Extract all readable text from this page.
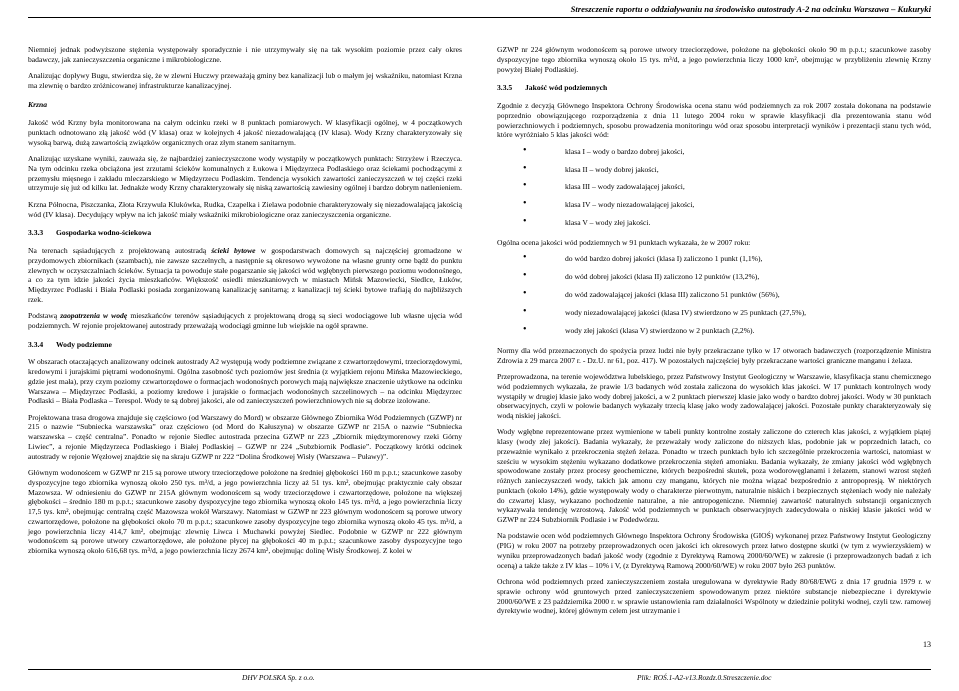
Streszczenie raportu o oddziaływaniu na środowisko autostrady A-2 na odcinku Warszawa – Kukuryki

Niemniej jednak podwyższone stężenia występowały sporadycznie i nie utrzymywały się na tak wysokim poziomie przez cały okres badawczy, jak zanieczyszczenia organiczne i mikrobiologiczne.

Analizując dopływy Bugu, stwierdza się, że w zlewni Huczwy przeważają gminy bez kanalizacji lub o małym jej wskaźniku, natomiast Krzna ma zlewnię o bardzo zróżnicowanej infrastrukturze kanalizacyjnej.

Krzna

Jakość wód Krzny była monitorowana na całym odcinku rzeki w 8 punktach pomiarowych. W klasyfikacji ogólnej, w 4 początkowych punktach odnotowano złą jakość wód (V klasa) oraz w kolejnych 4 jakość niezadowalającą (IV klasa). Wody Krzny charakteryzowały się wysoką barwą, dużą zawartością związków organicznych oraz złym stanem sanitarnym.

Analizując uzyskane wyniki, zauważa się, że najbardziej zanieczyszczone wody wystąpiły w początkowych punktach: Strzyżew i Rzeczyca. Na tym odcinku rzeka obciążona jest zrzutami ścieków komunalnych z Łukowa i Międzyrzeca Podlaskiego oraz ściekami pochodzącymi z przemysłu mięsnego i zakładu mleczarskiego w Międzyrzecu Podlaskim. Tendencja wysokich zawartości zanieczyszczeń w tej części rzeki utrzymuje się już od kilku lat. Jednakże wody Krzny charakteryzowały się niską zawartością zawiesiny ogólnej i bardzo dobrym natlenieniem.

Krzna Północna, Piszczanka, Złota Krzywula Klukówka, Rudka, Czapelka i Zielawa podobnie charakteryzowały się niezadowalającą jakością wód (IV klasa). Decydujący wpływ na ich jakość miały wskaźniki mikrobiologiczne oraz zanieczyszczenia organiczne.

3.3.3 Gospodarka wodno-ściekowa

Na terenach sąsiadujących z projektowaną autostradą ścieki bytowe w gospodarstwach domowych są najczęściej gromadzone w przydomowych zbiornikach (szambach), nie zawsze szczelnych, a następnie są okresowo wywożone na własne grunty orne bądź do punktu zlewnych w oczyszczalniach ścieków. Sytuacja ta powoduje stałe pogarszanie się jakości wód wgłębnych pierwszego poziomu wodonośnego, a co za tym idzie jakości życia mieszkańców. Większość osiedli mieszkaniowych w miastach Mińsk Mazowiecki, Siedlce, Łuków, Międzyrzec Podlaski i Biała Podlaski posiada zorganizowaną kanalizację sanitarną; z kanalizacji tej ścieki bytowe trafiają do najbliższych rzek.

Podstawą zaopatrzenia w wodę mieszkańców terenów sąsiadujących z projektowaną drogą są sieci wodociągowe lub własne ujęcia wód podziemnych. W rejonie projektowanej autostrady przeważają wodociągi gminne lub wiejskie na ogół sprawne.

3.3.4 Wody podziemne

W obszarach otaczających analizowany odcinek autostrady A2 występują wody podziemne związane z czwartorzędowymi, trzeciorzędowymi, kredowymi i jurajskimi piętrami wodonośnymi. Ogólna zasobność tych poziomów jest średnia (z wyjątkiem rejonu Mińska Mazowieckiego, gdzie jest mała), przy czym poziomy czwartorzędowe o formacjach wodonośnych porowych mają największe znaczenie użytkowe na odcinku Warszawa – Międzyrzec Podlaski, a poziomy kredowe i jurajskie o formacjach wodonośnych szczelinowych – na odcinku Międzyrzec Podlaski – Biała Podlaska – Terespol. Wody te są dobrej jakości, ale od zanieczyszczeń powierzchniowych nie są dobrze izolowane.

Projektowana trasa drogowa znajduje się częściowo (od Warszawy do Mord) w obszarze Głównego Zbiornika Wód Podziemnych (GZWP) nr 215 o nazwie “Subniecka warszawska” oraz częściowo (od Mord do Kałuszyna) w obszarze GZWP nr 215A o nazwie “Subniecka warszawska – część centralna”. Ponadto w rejonie Siedlec autostrada przecina GZWP nr 223 „Zbiornik międzymorenowy rzeki Górny Liwiec”, a rejonie Międzyrzeca Podlaskiego i Białej Podlaskiej – GZWP nr 224 „Subzbiornik Podlasie”. Początkowy krótki odcinek autostrady w rejonie Węzłowej znajdzie się na skraju GZWP nr 222 “Dolina Środkowej Wisły (Warszawa – Puławy)”.

Głównym wodonoścem w GZWP nr 215 są porowe utwory trzeciorzędowe położone na średniej głębokości 160 m p.p.t.; szacunkowe zasoby dyspozycyjne tego zbiornika wynoszą około 250 tys. m³/d, a jego powierzchnia liczy aż 51 tys. km², obejmując praktycznie cały obszar Mazowsza. W odniesieniu do GZWP nr 215A głównym wodonoścem są wody trzeciorzędowe i czwartorzędowe, położone na większej głębokości – średnio 180 m p.p.t.; szacunkowe zasoby dyspozycyjne tego zbiornika wynoszą około 145 tys. m³/d, a jego powierzchnia liczy 17,5 tys. km², obejmując centralną część Mazowsza wokół Warszawy. Natomiast w GZWP nr 223 głównym wodonoścem są porowe utwory czwartorzędowe, położone na głębokości około 70 m p.p.t.; szacunkowe zasoby dyspozycyjne tego zbiornika wynoszą około 45 tys. m³/d, a jego powierzchnia liczy 414,7 km², obejmując zlewnię Liwca i Muchawki powyżej Siedlec. Podobnie w GZWP nr 222 głównym wodonoścem są porowe utwory czwartorzędowe, ale położone płycej na głębokości 40 m p.p.t.; szacunkowe zasoby dyspozycyjne tego zbiornika wynoszą około 616,68 tys. m³/d, a jego powierzchnia liczy 2674 km², obejmując dolinę Wisły Środkowej. Z kolei w

GZWP nr 224 głównym wodonoścem są porowe utwory trzeciorzędowe, położone na głębokości około 90 m p.p.t.; szacunkowe zasoby dyspozycyjne tego zbiornika wynoszą około 15 tys. m³/d, a jego powierzchnia liczy 1000 km², obejmując w przybliżeniu zlewnię Krzny powyżej Białej Podlaskiej.

3.3.5 Jakość wód podziemnych

Zgodnie z decyzją Głównego Inspektora Ochrony Środowiska ocena stanu wód podziemnych za rok 2007 została dokonana na podstawie poprzednio obowiązującego rozporządzenia z dnia 11 lutego 2004 roku w sprawie klasyfikacji dla prezentowania stanu wód powierzchniowych i podziemnych, sposobu prowadzenia monitoringu wód oraz sposobu interpretacji wyników i prezentacji stanu tych wód, które wyróżniało 5 klas jakości wód:

• klasa I – wody o bardzo dobrej jakości,
• klasa II – wody dobrej jakości,
• klasa III – wody zadowalającej jakości,
• klasa IV – wody niezadowalającej jakości,
• klasa V – wody złej jakości.

Ogólna ocena jakości wód podziemnych w 91 punktach wykazała, że w 2007 roku:

• do wód bardzo dobrej jakości (klasa I) zaliczono 1 punkt (1,1%),
• do wód dobrej jakości (klasa II) zaliczono 12 punktów (13,2%),
• do wód zadowalającej jakości (klasa III) zaliczono 51 punktów (56%),
• wody niezadowalającej jakości (klasa IV) stwierdzono w 25 punktach (27,5%),
• wody złej jakości (klasa V) stwierdzono w 2 punktach (2,2%).

Normy dla wód przeznaczonych do spożycia przez ludzi nie były przekraczane tylko w 17 otworach badawczych (rozporządzenie Ministra Zdrowia z 29 marca 2007 r. - Dz.U. nr 61, poz. 417). W pozostałych najczęściej były przekraczane wartości graniczne manganu i żelaza.

Przeprowadzona, na terenie województwa lubelskiego, przez Państwowy Instytut Geologiczny w Warszawie, klasyfikacja stanu chemicznego wód podziemnych wykazała, że prawie 1/3 badanych wód została zaliczona do wysokich klas jakości. W 17 punktach kontrolnych wody wystąpiły w drugiej klasie jako wody dobrej jakości, a w 2 punktach pierwszej klasie jako wody o bardzo dobrej jakości. Wody w 30 punktach obserwacyjnych, czyli w połowie badanych wykazały trzecią klasę jako wody zadowalającej jakości. Pozostałe punkty charakteryzowały się wodą niskiej jakości.

Wody wgłębne reprezentowane przez wymienione w tabeli punkty kontrolne zostały zaliczone do czterech klas jakości, z wyjątkiem piątej klasy (wody złej jakości). Badania wykazały, że przeważały wody zaliczone do niższych klas, podobnie jak w poprzednich latach, co przeważnie wynikało z przekroczenia stężeń żelaza. Ponadto w trzech punktach było ich szczególnie przekroczenia wartości, natomiast w sześciu w wysokim stężeniu wykazano dodatkowe przekroczenia stężeń amoniaku. Badania wykazały, że zmiany jakości wód wgłębnych spowodowane zostały przez procesy geochemiczne, których bezpośredni skutek, poza wodorowęglanami i żelazem, stanowi wzrost stężeń różnych zanieczyszczeń wody, takich jak amonu czy manganu, których nie można wiązać bezpośrednio z antropopresją. W niektórych punktach (około 14%), gdzie występowały wody o charakterze pierwotnym, naturalnie niskich i bezpiecznych stężeniach wody nie należały do czwartej klasy, wykazano pochodzenie naturalne, a nie antropogeniczne. Niemniej zawartość naturalnych substancji organicznych wykazywała tendencję wzrostową. Jakość wód podziemnych w punktach obserwacyjnych zadecydowała o niskiej klasie jakości wód w GZWP nr 224 Subzbiornik Podlasie i w Podedwórzu.

Na podstawie ocen wód podziemnych Głównego Inspektora Ochrony Środowiska (GIOŚ) wykonanej przez Państwowy Instytut Geologiczny (PIG) w roku 2007 na potrzeby przeprowadzonych ocen jakości ich okresowych przez łatwo dostępne skutki (w tym z wywierzyskiem) w wyniku przeprowadzonych badań jakość wody (zgodnie z Dyrektywą Ramową 2000/60/WE) w zakresie (i przeprowadzonych badań z ich oceną) a także także z IV klas – 10% i V, (z Dyrektywą Ramową 2000/60/WE) w roku 2007 było 263 punktów.

Ochrona wód podziemnych przed zanieczyszczeniem została uregulowana w dyrektywie Rady 80/68/EWG z dnia 17 grudnia 1979 r. w sprawie ochrony wód gruntowych przed zanieczyszczeniem spowodowanym przez niektóre substancje niebezpieczne i dyrektywie 2000/60/WE z 23 października 2000 r. w sprawie ustanowienia ram działalności Wspólnoty w dziedzinie polityki wodnej, czyli tzw. ramowej dyrektywie wodnej, której głównym celem jest utrzymanie i

13
DHV POLSKA Sp. z o.o.	Plik: ROŚ.1-A2-v13.Rozdz.0.Streszczenie.doc
